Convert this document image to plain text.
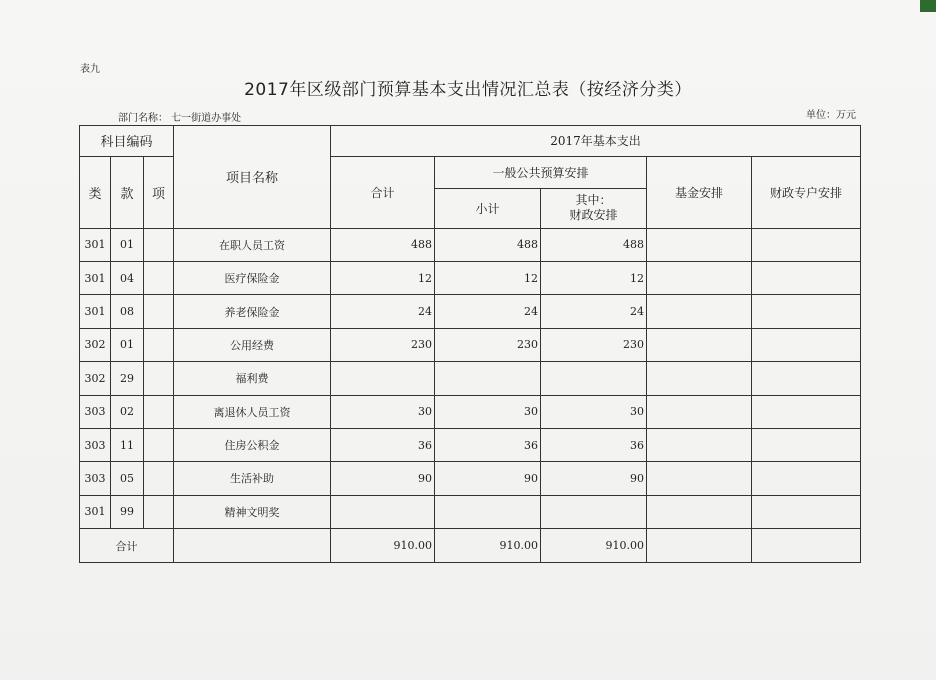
表九
2017年区级部门预算基本支出情况汇总表（按经济分类）
部门名称： 七一街道办事处	单位：万元
科目编码			项目名称	2017年基本支出				
类	款	项		合计	一般公共预算安排		基金安排	财政专户安排
					小计	其中：
财政安排		

301	01		在职人员工资	488	488	488		
301	04		医疗保险金	12	12	12		
301	08		养老保险金	24	24	24		
302	01		公用经费	230	230	230		
302	29		福利费					
303	02		离退休人员工资	30	30	30		
303	11		住房公积金	36	36	36		
303	05		生活补助	90	90	90		
301	99		精神文明奖					
合计				910.00	910.00	910.00		
